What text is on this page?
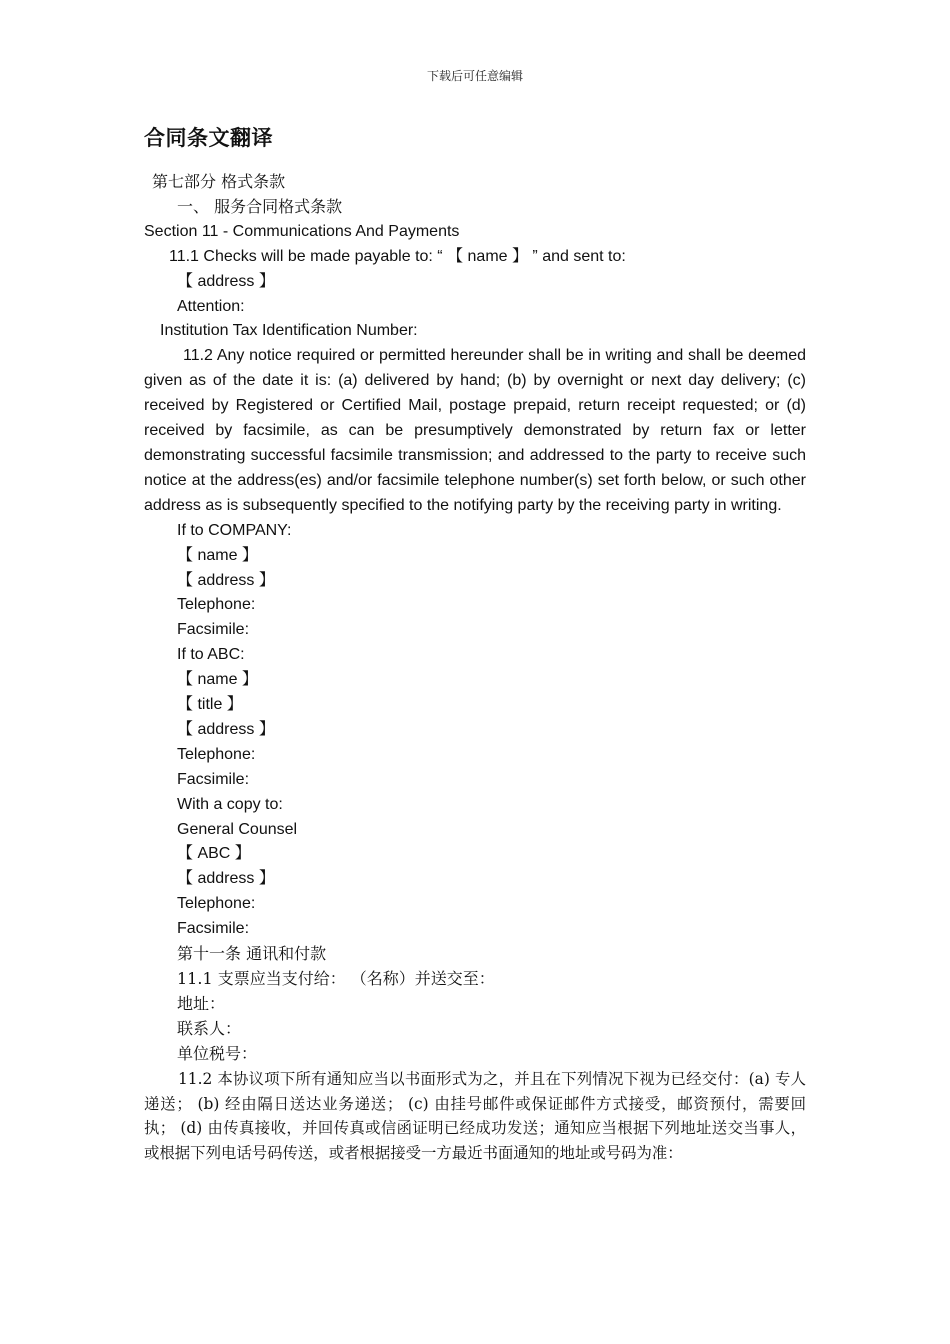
下载后可任意编辑
合同条文翻译
第七部分 格式条款
一、 服务合同格式条款
Section 11 - Communications And Payments
11.1 Checks will be made payable to: “ 【 name 】 ” and sent to:
【 address 】
Attention:
Institution Tax Identification Number:
11.2 Any notice required or permitted hereunder shall be in writing and shall be deemed given as of the date it is: (a) delivered by hand; (b) by overnight or next day delivery; (c) received by Registered or Certified Mail, postage prepaid, return receipt requested; or (d) received by facsimile, as can be presumptively demonstrated by return fax or letter demonstrating successful facsimile transmission; and addressed to the party to receive such notice at the address(es) and/or facsimile telephone number(s) set forth below, or such other address as is subsequently specified to the notifying party by the receiving party in writing.
If to COMPANY:
【 name 】
【 address 】
Telephone:
Facsimile:
If to ABC:
【 name 】
【 title 】
【 address 】
Telephone:
Facsimile:
With a copy to:
General Counsel
【 ABC 】
【 address 】
Telephone:
Facsimile:
第十一条 通讯和付款
11.1 支票应当支付给： （名称）并送交至：
地址：
联系人：
单位税号：
11.2 本协议项下所有通知应当以书面形式为之，并且在下列情况下视为已经交付：(a) 专人递送； (b) 经由隔日送达业务递送； (c) 由挂号邮件或保证邮件方式接受，邮资预付，需要回执； (d) 由传真接收，并回传真或信函证明已经成功发送；通知应当根据下列地址送交当事人，或根据下列电话号码传送，或者根据接受一方最近书面通知的地址或号码为准：
